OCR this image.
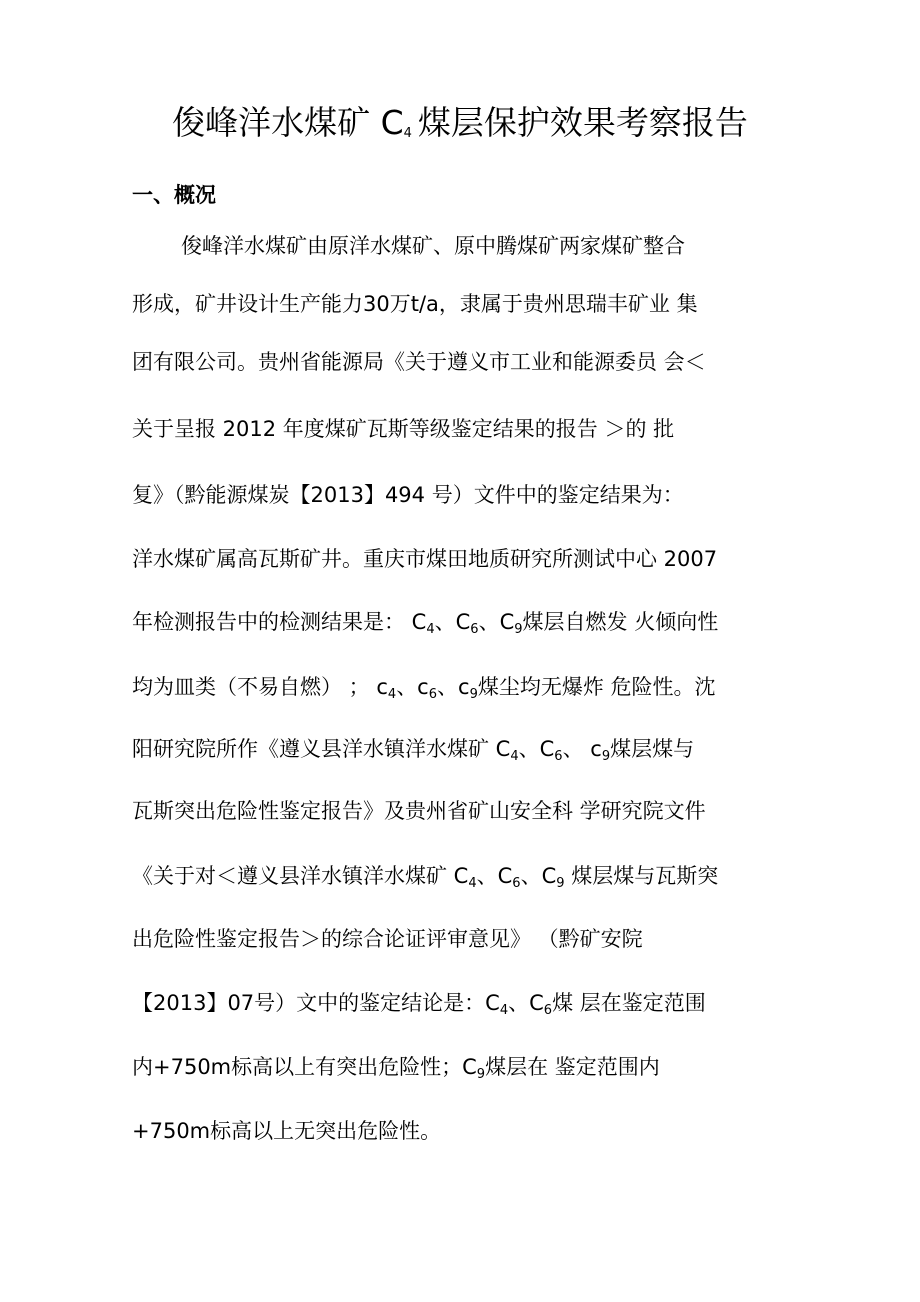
俊峰洋水煤矿 $C_4$ 煤层保护效果考察报告
一、概况
俊峰洋水煤矿由原洋水煤矿、原中腾煤矿两家煤矿整合
形成，矿井设计生产能力30万t/a，隶属于贵州思瑞丰矿业 集
团有限公司。贵州省能源局《关于遵义市工业和能源委员 会＜
关于呈报 2012 年度煤矿瓦斯等级鉴定结果的报告 ＞的 批
复》（黔能源煤炭【2013】494 号）文件中的鉴定结果为：
洋水煤矿属高瓦斯矿井。重庆市煤田地质研究所测试中心 2007
年检测报告中的检测结果是： $C_4$、$C_6$、$C_9$煤层自燃发 火倾向性
均为皿类（不易自燃） ； $c_4$、$c_6$、$c_9$煤尘均无爆炸 危险性。沈
阳研究院所作《遵义县洋水镇洋水煤矿 $C_4$、$C_6$、 $c_9$煤层煤与
瓦斯突出危险性鉴定报告》及贵州省矿山安全科 学研究院文件
《关于对＜遵义县洋水镇洋水煤矿 $C_4$、$C_6$、$C_9$ 煤层煤与瓦斯突
出危险性鉴定报告＞的综合论证评审意见》 （黔矿安院
【2013】07号）文中的鉴定结论是：$C_4$、$C_6$煤 层在鉴定范围
内+750m标高以上有突出危险性；$C_9$煤层在 鉴定范围内
+750m标高以上无突出危险性。
